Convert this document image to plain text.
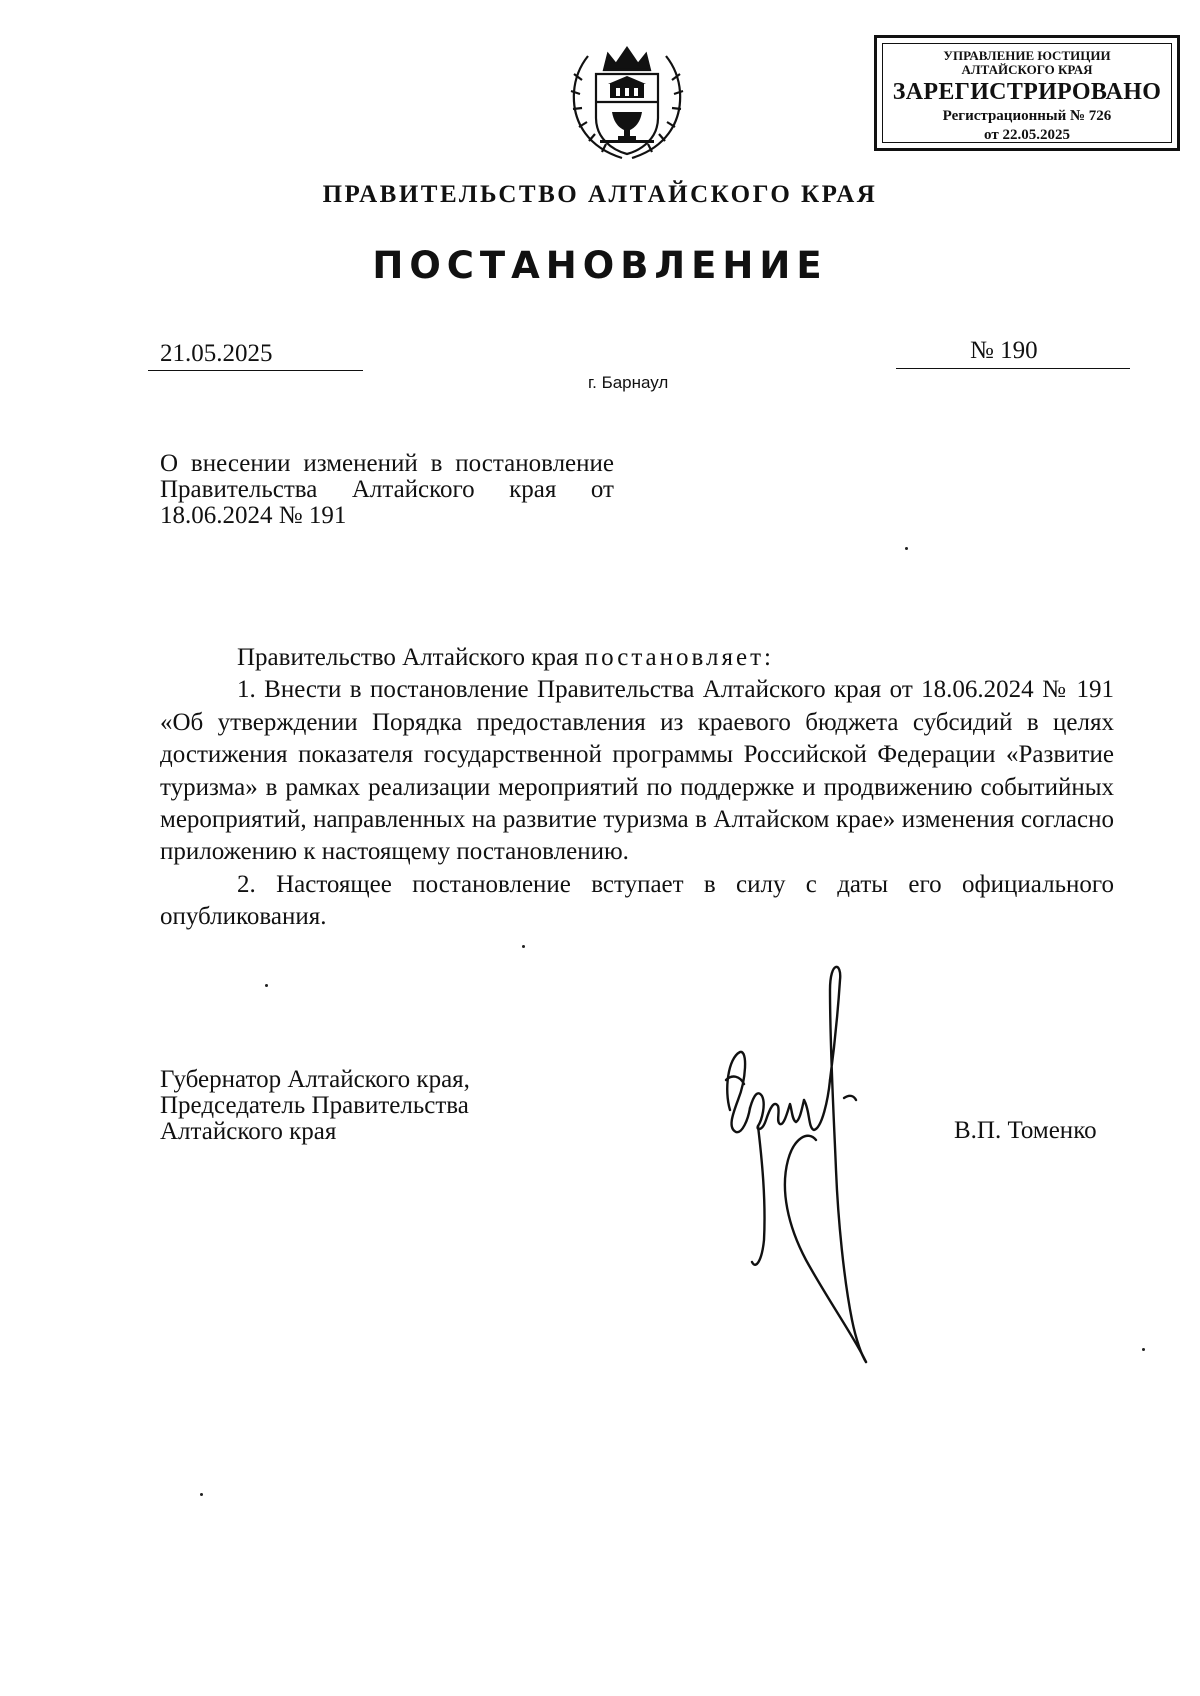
УПРАВЛЕНИЕ ЮСТИЦИИ
АЛТАЙСКОГО КРАЯ
ЗАРЕГИСТРИРОВАНО
Регистрационный № 726
от 22.05.2025
ПРАВИТЕЛЬСТВО АЛТАЙСКОГО КРАЯ
ПОСТАНОВЛЕНИЕ
21.05.2025	№ 190
г. Барнаул
О внесении изменений в постановление Правительства Алтайского края от 18.06.2024 № 191

Правительство Алтайского края постановляет:

1. Внести в постановление Правительства Алтайского края от 18.06.2024 № 191 «Об утверждении Порядка предоставления из краевого бюджета субсидий в целях достижения показателя государственной программы Российской Федерации «Развитие туризма» в рамках реализации мероприятий по поддержке и продвижению событийных мероприятий, направленных на развитие туризма в Алтайском крае» изменения согласно приложению к настоящему постановлению.

2. Настоящее постановление вступает в силу с даты его официального опубликования.

Губернатор Алтайского края,
Председатель Правительства
Алтайского края	В.П. Томенко
